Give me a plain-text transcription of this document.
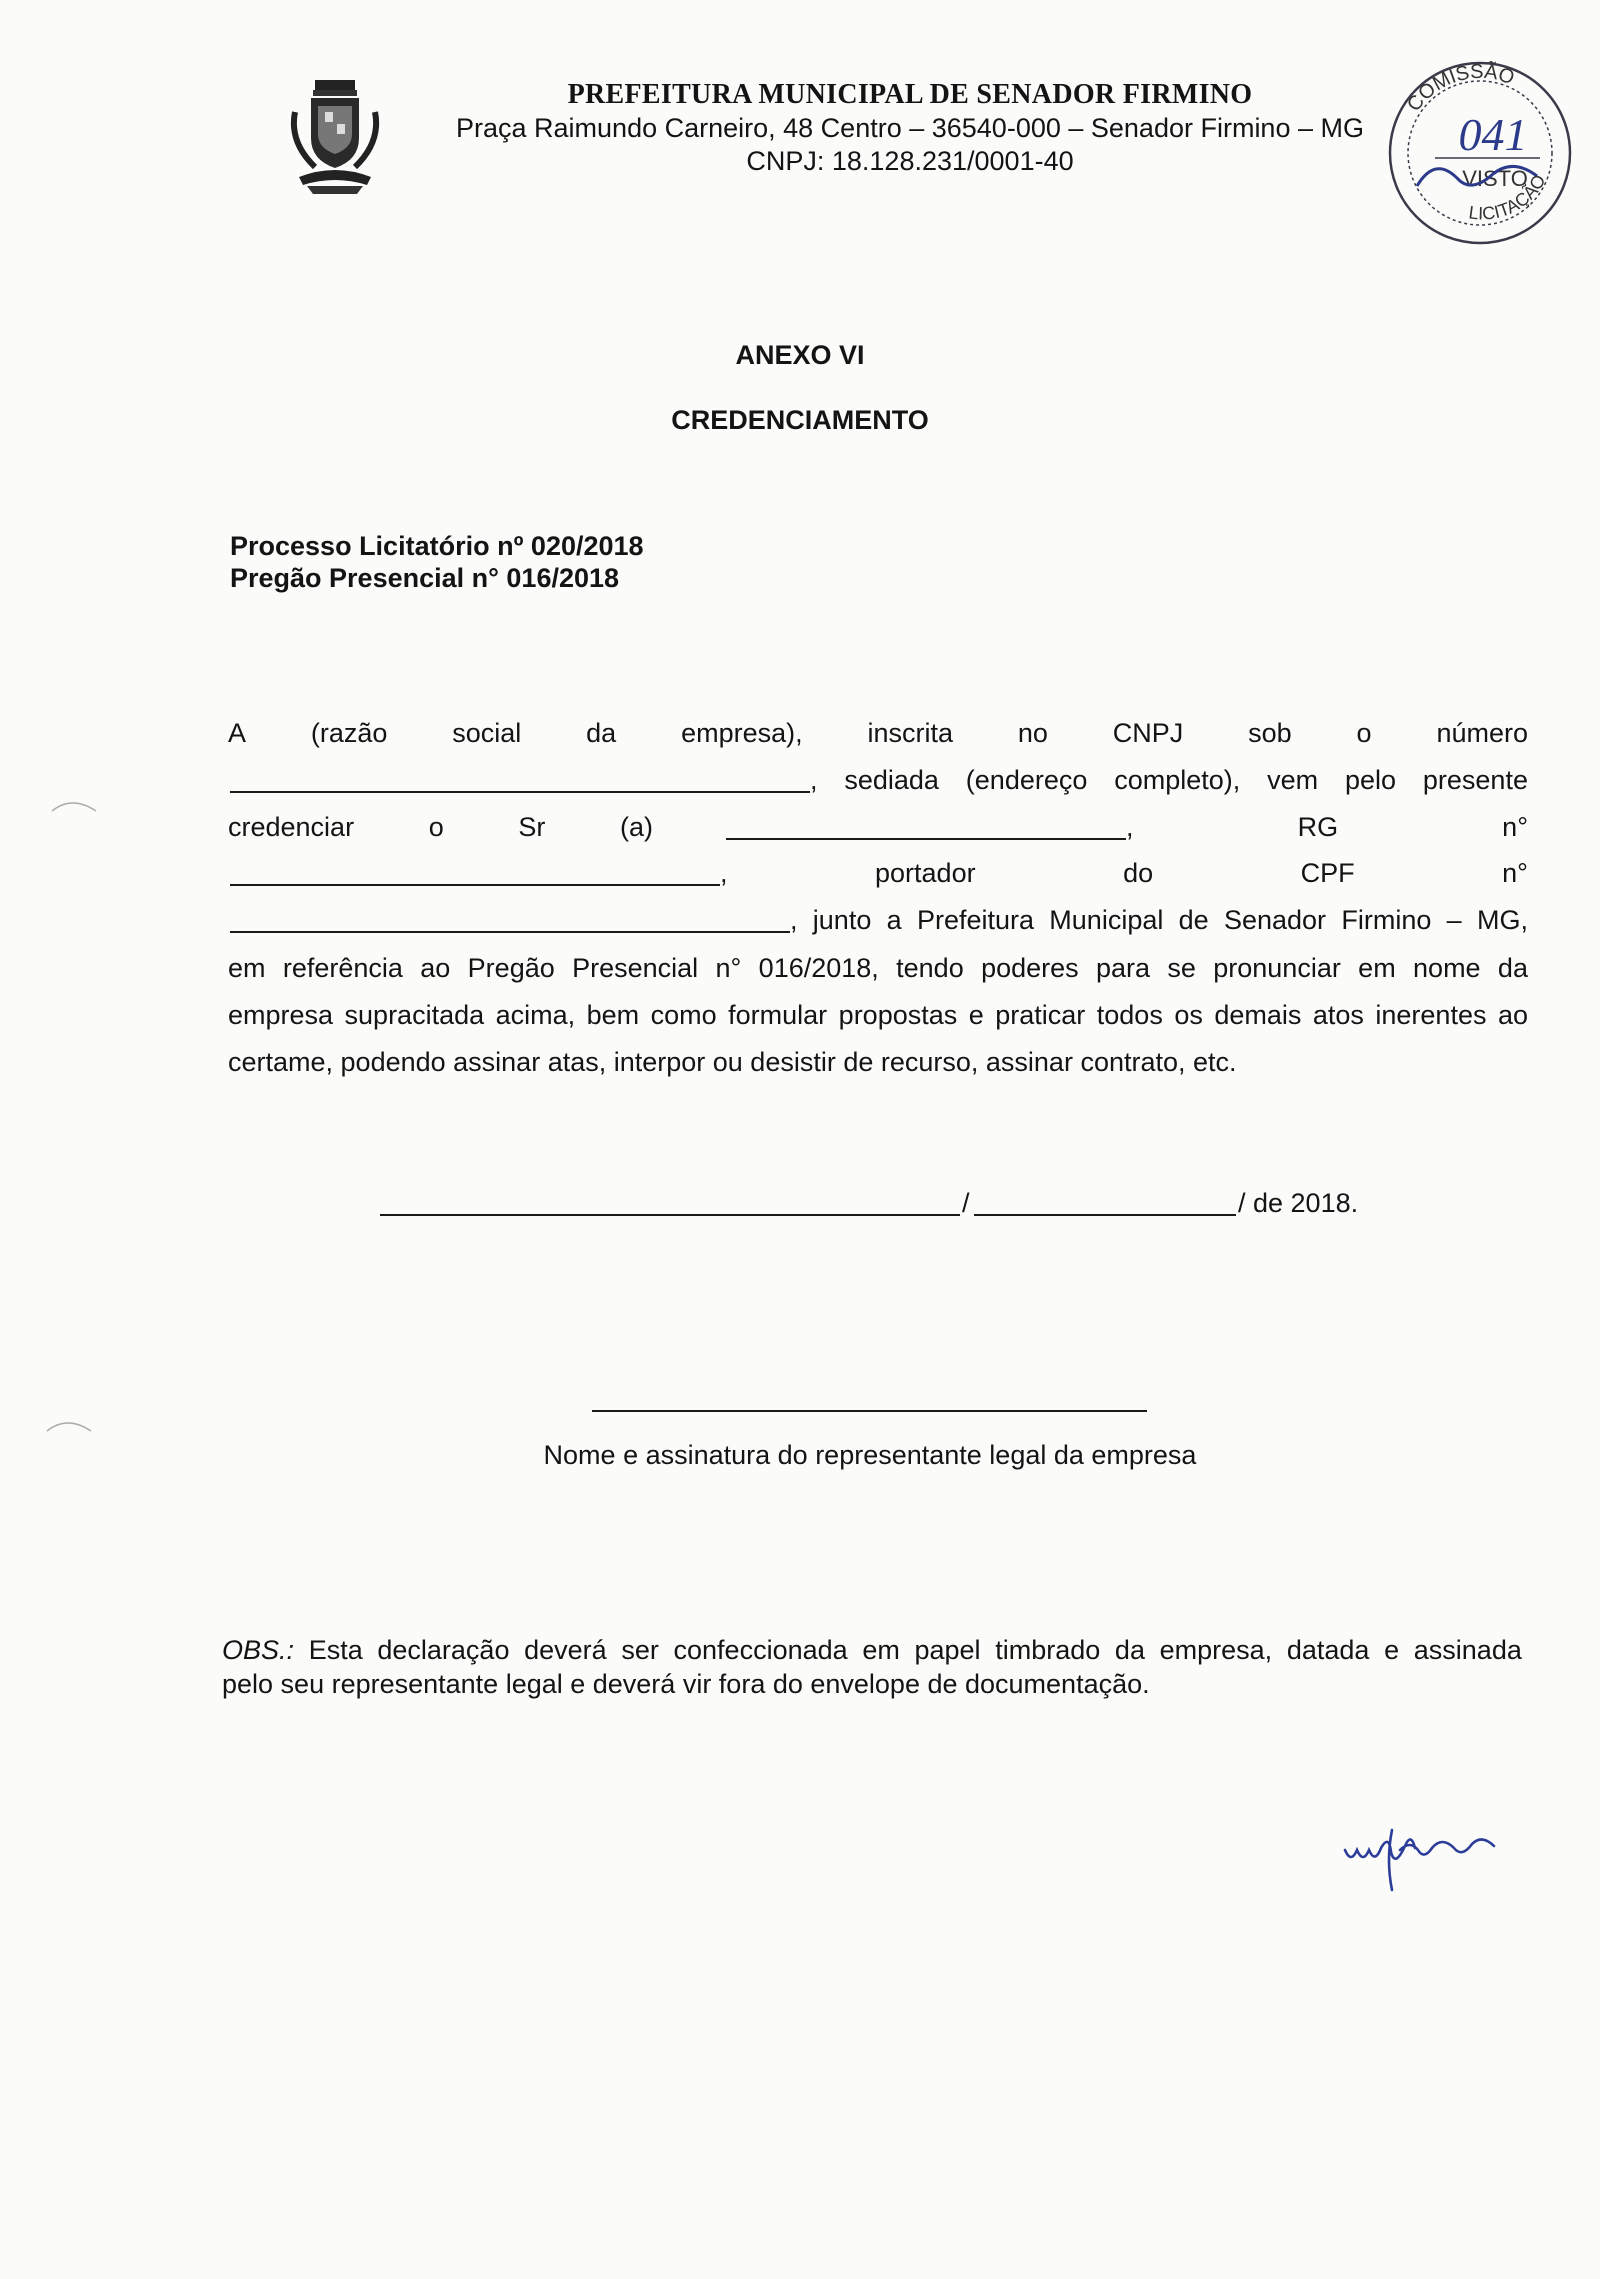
PREFEITURA MUNICIPAL DE SENADOR FIRMINO
Praça Raimundo Carneiro, 48 Centro – 36540-000 – Senador Firmino – MG
CNPJ: 18.128.231/0001-40
COMISSÃO
041
VISTO
LICITAÇÃO
ANEXO VI
CREDENCIAMENTO
Processo Licitatório nº 020/2018
Pregão Presencial n° 016/2018
A (razão social da empresa), inscrita no CNPJ sob o número
, sediada (endereço completo), vem pelo presente
credenciar	o	Sr	(a)	,	RG	n°
,	portador	do	CPF	n°
, junto a Prefeitura Municipal de Senador Firmino – MG,
em referência ao Pregão Presencial n° 016/2018, tendo poderes para se pronunciar em nome da
empresa supracitada acima, bem como formular propostas e praticar todos os demais atos inerentes ao
certame, podendo assinar atas, interpor ou desistir de recurso, assinar contrato, etc.
/	/ de 2018.
Nome e assinatura do representante legal da empresa
OBS.: Esta declaração deverá ser confeccionada em papel timbrado da empresa, datada e assinada
pelo seu representante legal e deverá vir fora do envelope de documentação.
